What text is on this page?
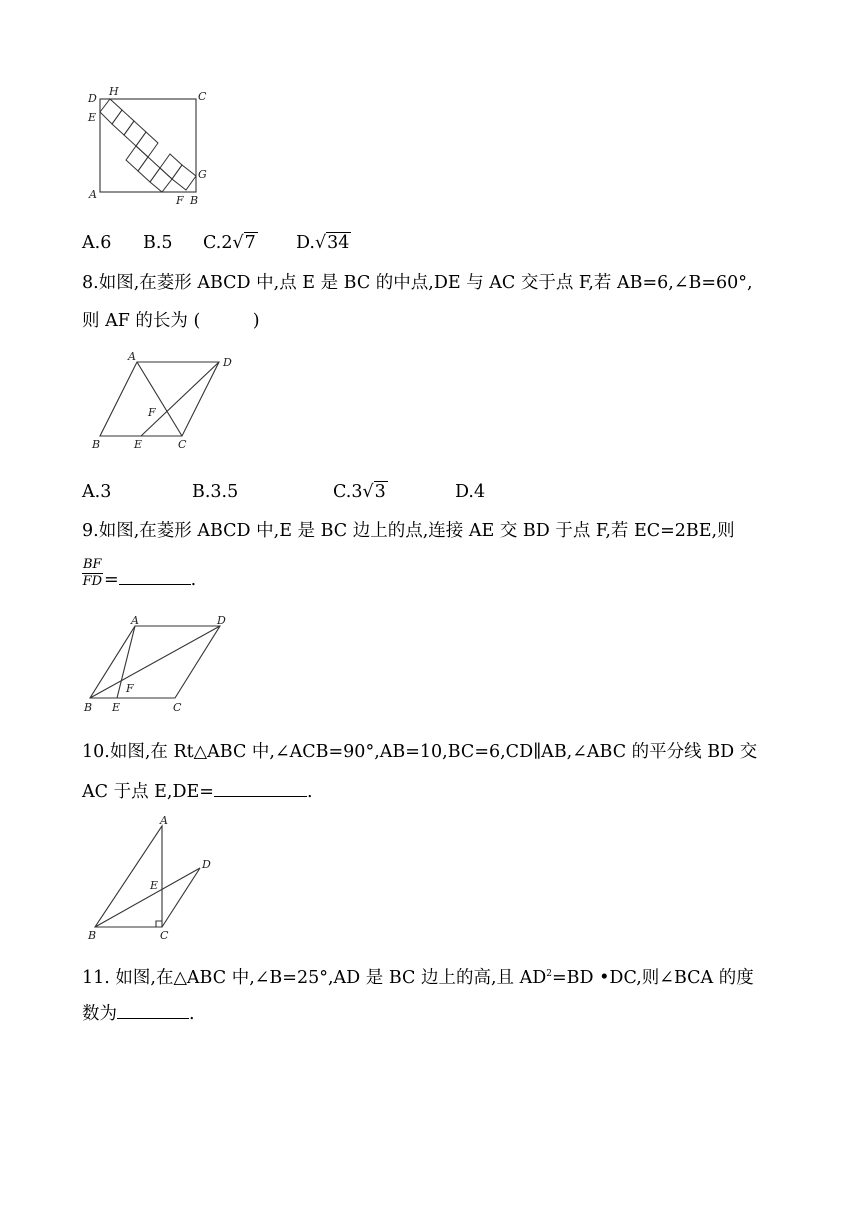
D
H	C
E
G
A	F B
A.6 B.5 C.2√7 D.√34
8.如图,在菱形 ABCD 中,点 E 是 BC 的中点,DE 与 AC 交于点 F,若 AB=6,∠B=60°,
则 AF 的长为 (　　　)
A	D
F
B	E	C
A.3	B.3.5	C.3√3	D.4
9.如图,在菱形 ABCD 中,E 是 BC 边上的点,连接 AE 交 BD 于点 F,若 EC=2BE,则
$\frac{BF}{FD}$ =	.
A	D
F
B E	C
10.如图,在 Rt△ABC 中,∠ACB=90°,AB=10,BC=6,CD∥AB,∠ABC 的平分线 BD 交
AC 于点 E,DE=	.
A
D
E
B	C
11. 如图,在△ABC 中,∠B=25°,AD 是 BC 边上的高,且 $AD^2=BD$ •DC,则∠BCA 的度
数为	.
